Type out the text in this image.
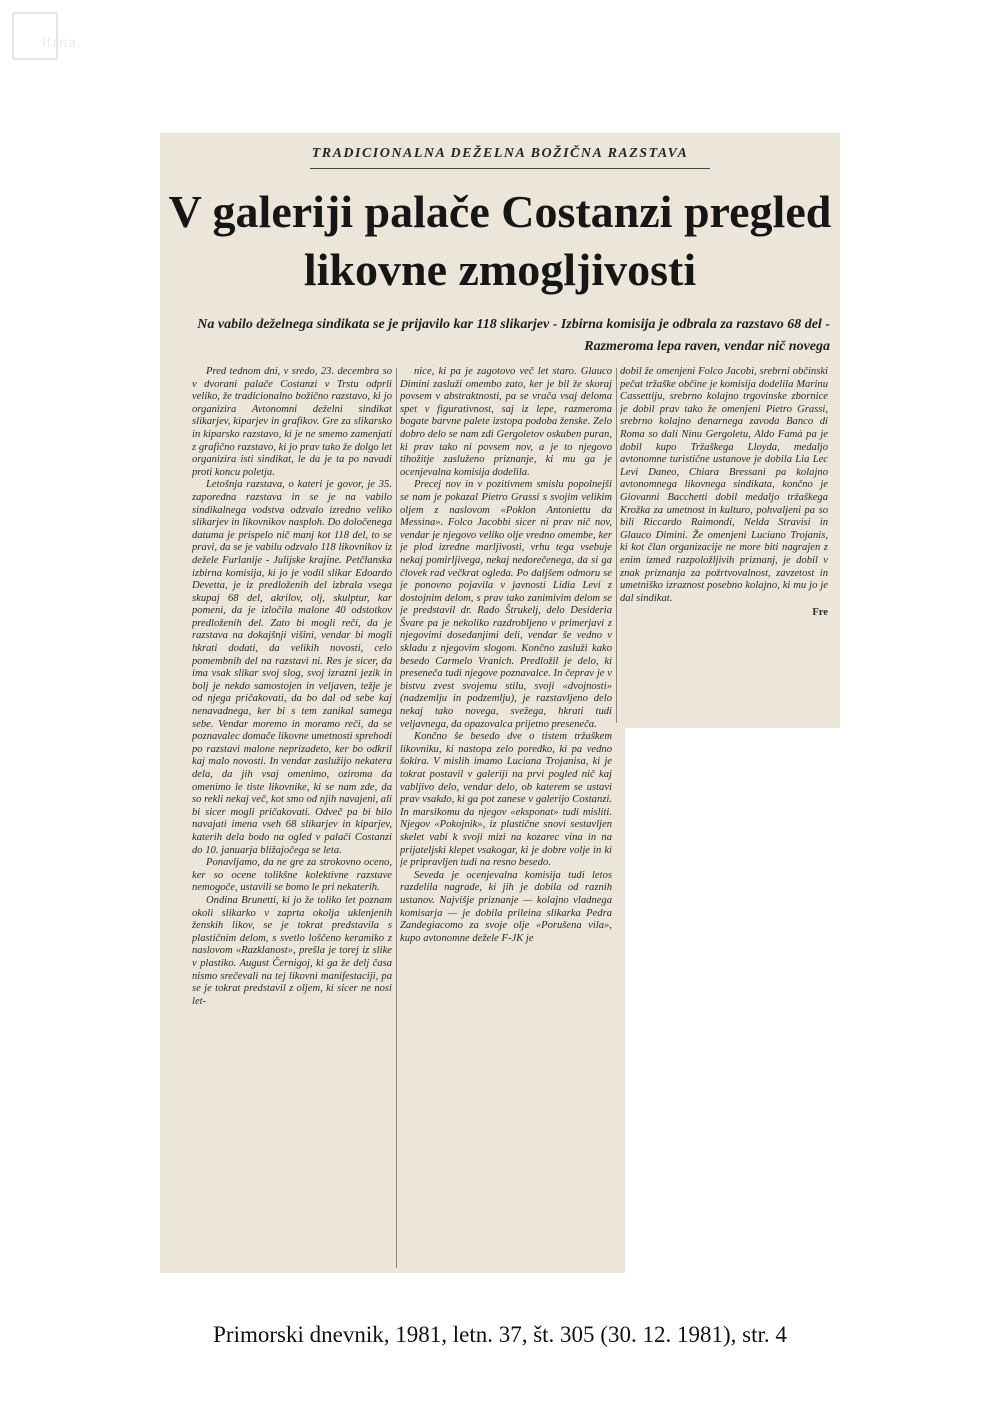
ltrna
TRADICIONALNA DEŽELNA BOŽIČNA RAZSTAVA
V galeriji palače Costanzi pregled likovne zmogljivosti
Na vabilo deželnega sindikata se je prijavilo kar 118 slikarjev - Izbirna komisija je odbrala za razstavo 68 del - Razmeroma lepa raven, vendar nič novega

Pred tednom dni, v sredo, 23. decembra so v dvorani palače Costanzi v Trstu odprli veliko, že tradicionalno božično razstavo, ki jo organizira Avtonomni deželni sindikat slikarjev, kiparjev in grafikov. Gre za slikarsko in kiparsko razstavo, ki je ne smemo zamenjati z grafično razstavo, ki jo prav tako že dolgo let organizira isti sindikat, le da je ta po navadi proti koncu poletja.

Letošnja razstava, o kateri je govor, je 35. zaporedna razstava in se je na vabilo sindikalnega vodstva odzvalo izredno veliko slikarjev in likovnikov nasploh. Do določenega datuma je prispelo nič manj kot 118 del, to se pravi, da se je vabilu odzvalo 118 likovnikov iz dežele Furlanije - Julijske krajine. Petčlanska izbirna komisija, ki jo je vodil slikar Edoardo Devetta, je iz predloženih del izbrala vsega skupaj 68 del, akrilov, olj, skulptur, kar pomeni, da je izločila malone 40 odstotkov predloženih del. Zato bi mogli reči, da je razstava na dokajšnji višini, vendar bi mogli hkrati dodati, da velikih novosti, celo pomembnih del na razstavi ni. Res je sicer, da ima vsak slikar svoj slog, svoj izrazni jezik in bolj je nekdo samostojen in veljaven, težje je od njega pričakovati, da bo dal od sebe kaj nenavadnega, ker bi s tem zanikal samega sebe. Vendar moremo in moramo reči, da se poznavalec domače likovne umetnosti sprehodi po razstavi malone neprizadeto, ker bo odkril kaj malo novosti. In vendar zaslužijo nekatera dela, da jih vsaj omenimo, oziroma da omenimo le tiste likovnike, ki se nam zde, da so rekli nekaj več, kot smo od njih navajeni, ali bi sicer mogli pričakovati. Odveč pa bi bilo navajati imena vseh 68 slikarjev in kiparjev, katerih dela bodo na ogled v palači Costanzi do 10. januarja bližajočega se leta.

Ponavljamo, da ne gre za strokovno oceno, ker so ocene tolikšne kolektivne razstave nemogoče, ustavili se bomo le pri nekaterih.

Ondina Brunetti, ki jo že toliko let poznam okoli slikarko v zaprta okolja uklenjenih ženskih likov, se je tokrat predstavila s plastičnim delom, s svetlo loščeno keramiko z naslovom «Razklanost», prešla je torej iz slike v plastiko. August Černigoj, ki ga že delj časa nismo srečevali na tej likovni manifestaciji, pa se je tokrat predstavil z oljem, ki sicer ne nosi let-

nice, ki pa je zagotovo več let staro. Glauco Dimini zasluži omembo zato, ker je bil že skoraj povsem v abstraktnosti, pa se vrača vsaj deloma spet v figurativnost, saj iz lepe, razmeroma bogate barvne palete izstopa podoba ženske. Zelo dobro delo se nam zdi Gergoletov oskuben puran, ki prav tako ni povsem nov, a je to njegovo tihožitje zasluženo priznanje, ki mu ga je ocenjevalna komisija dodelila.

Precej nov in v pozitivnem smislu popolnejši se nam je pokazal Pietro Grassi s svojim velikim oljem z naslovom «Poklon Antoniettu da Messina». Folco Jacobbi sicer ni prav nič nov, vendar je njegovo veliko olje vredno omembe, ker je plod izredne marljivosti, vrhu tega vsebuje nekaj pomirljivega, nekaj nedorečenega, da si ga človek rad večkrat ogleda. Po daljšem odmoru se je ponovno pojavila v javnosti Lidia Levi z dostojnim delom, s prav tako zanimivim delom se je predstavil dr. Rado Štrukelj, delo Desideria Švare pa je nekoliko razdrobljeno v primerjavi z njegovimi dosedanjimi deli, vendar še vedno v skladu z njegovim slogom. Končno zasluži kako besedo Carmelo Vranich. Predložil je delo, ki preseneča tudi njegove poznavalce. In čeprav je v bistvu zvest svojemu stilu, svoji «dvojnosti» (nadzemlju in podzemlju), je razstavljeno delo nekaj tako novega, svežega, hkrati tudi veljavnega, da opazovalca prijetno preseneča.

Končno še besedo dve o tistem tržaškem likovniku, ki nastopa zelo poredko, ki pa vedno šokira. V mislih imamo Luciana Trojanisa, ki je tokrat postavil v galeriji na prvi pogled nič kaj vabljivo delo, vendar delo, ob katerem se ustavi prav vsakdo, ki ga pot zanese v galerijo Costanzi. In marsikomu da njegov «eksponat» tudi misliti. Njegov «Pokojnik», iz plastične snovi sestavljen skelet vabi k svoji mizi na kozarec vina in na prijateljski klepet vsakogar, ki je dobre volje in ki je pripravljen tudi na resno besedo.

Seveda je ocenjevalna komisija tudi letos razdelila nagrade, ki jih je dobila od raznih ustanov. Najvišje priznanje — kolajno vladnega komisarja — je dobila prileina slikarka Pedra Zandegiacomo za svoje olje «Porušena vila», kupo avtonomne dežele F-JK je

dobil že omenjeni Folco Jacobi, srebrni občinski pečat tržaške občine je komisija dodelila Marinu Cassettiju, srebrno kolajno trgovinske zbornice je dobil prav tako že omenjeni Pietro Grassi, srebrno kolajno denarnega zavoda Banco di Roma so dali Ninu Gergoletu, Aldo Famà pa je dobil kupo Tržaškega Lloyda, medaljo avtonomne turistične ustanove je dobila Lia Lec Levi Daneo, Chiara Bressani pa kolajno avtonomnega likovnega sindikata, končno je Giovanni Bacchetti dobil medaljo tržaškega Krožka za umetnost in kulturo, pohvaljeni pa so bili Riccardo Raimondi, Nelda Stravisi in Glauco Dimini. Že omenjeni Luciano Trojanis, ki kot član organizacije ne more biti nagrajen z enim izmed razpoložljivih priznanj, je dobil v znak priznanja za požrtvovalnost, zavzetost in umetniško izraznost posebno kolajno, ki mu jo je dal sindikat.

Fre
Primorski dnevnik, 1981, letn. 37, št. 305 (30. 12. 1981), str. 4
